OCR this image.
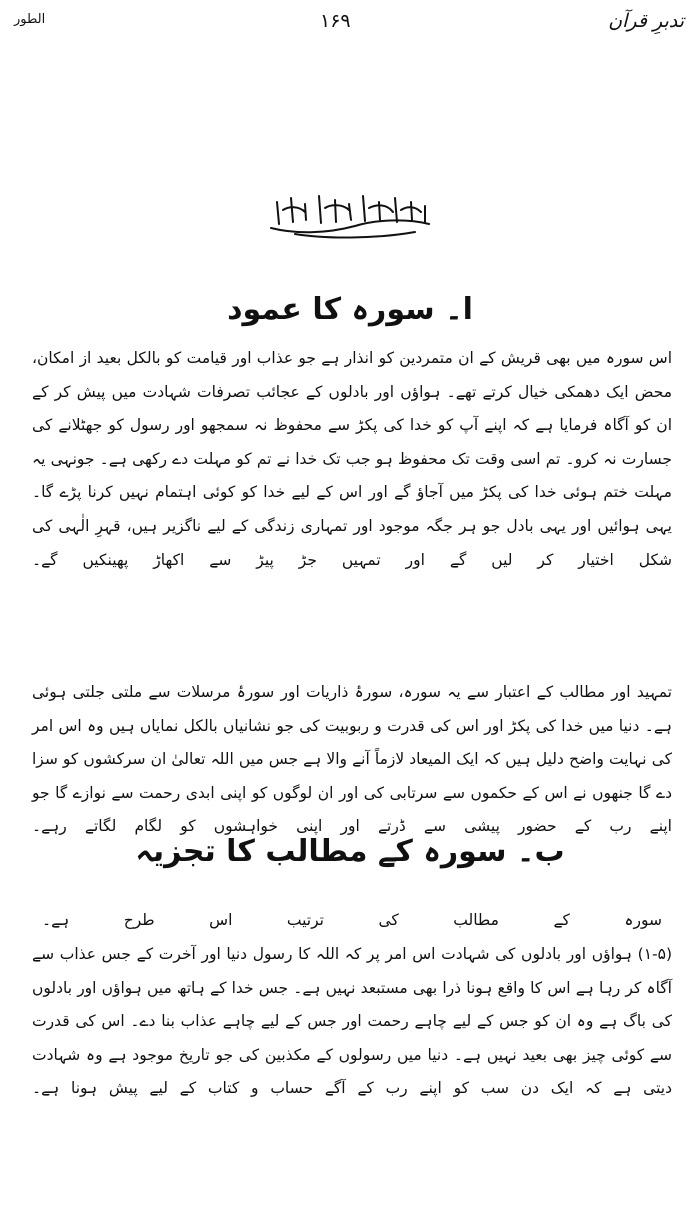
تدبرِ قرآن
۱۶۹
الطور
بسم اللہ الرحمن الرحیم
ا۔ سورہ کا عمود

اس سورہ میں بھی قریش کے ان متمردین کو انذار ہے جو عذاب اور قیامت کو بالکل بعید از امکان، محض ایک دھمکی خیال کرتے تھے۔ ہواؤں اور بادلوں کے عجائب تصرفات شہادت میں پیش کر کے ان کو آگاہ فرمایا ہے کہ اپنے آپ کو خدا کی پکڑ سے محفوظ نہ سمجھو اور رسول کو جھٹلانے کی جسارت نہ کرو۔ تم اسی وقت تک محفوظ ہو جب تک خدا نے تم کو مہلت دے رکھی ہے۔ جونہی یہ مہلت ختم ہوئی خدا کی پکڑ میں آجاؤ گے اور اس کے لیے خدا کو کوئی اہتمام نہیں کرنا پڑے گا۔ یہی ہوائیں اور یہی بادل جو ہر جگہ موجود اور تمہاری زندگی کے لیے ناگزیر ہیں، قہرِ الٰہی کی شکل اختیار کر لیں گے اور تمہیں جڑ پیڑ سے اکھاڑ پھینکیں گے۔

تمہید اور مطالب کے اعتبار سے یہ سورہ، سورۂ ذاریات اور سورۂ مرسلات سے ملتی جلتی ہوئی ہے۔ دنیا میں خدا کی پکڑ اور اس کی قدرت و ربوبیت کی جو نشانیاں بالکل نمایاں ہیں وہ اس امر کی نہایت واضح دلیل ہیں کہ ایک المیعاد لازماً آنے والا ہے جس میں اللہ تعالیٰ ان سرکشوں کو سزا دے گا جنھوں نے اس کے حکموں سے سرتابی کی اور ان لوگوں کو اپنی ابدی رحمت سے نوازے گا جو اپنے رب کے حضور پیشی سے ڈرتے اور اپنی خواہشوں کو لگام لگاتے رہے۔

ب۔ سورہ کے مطالب کا تجزیہ

سورہ کے مطالب کی ترتیب اس طرح ہے۔

(۱-۵) ہواؤں اور بادلوں کی شہادت اس امر پر کہ اللہ کا رسول دنیا اور آخرت کے جس عذاب سے آگاہ کر رہا ہے اس کا واقع ہونا ذرا بھی مستبعد نہیں ہے۔ جس خدا کے ہاتھ میں ہواؤں اور بادلوں کی باگ ہے وہ ان کو جس کے لیے چاہے رحمت اور جس کے لیے چاہے عذاب بنا دے۔ اس کی قدرت سے کوئی چیز بھی بعید نہیں ہے۔ دنیا میں رسولوں کے مکذبین کی جو تاریخ موجود ہے وہ شہادت دیتی ہے کہ ایک دن سب کو اپنے رب کے آگے حساب و کتاب کے لیے پیش ہونا ہے۔
